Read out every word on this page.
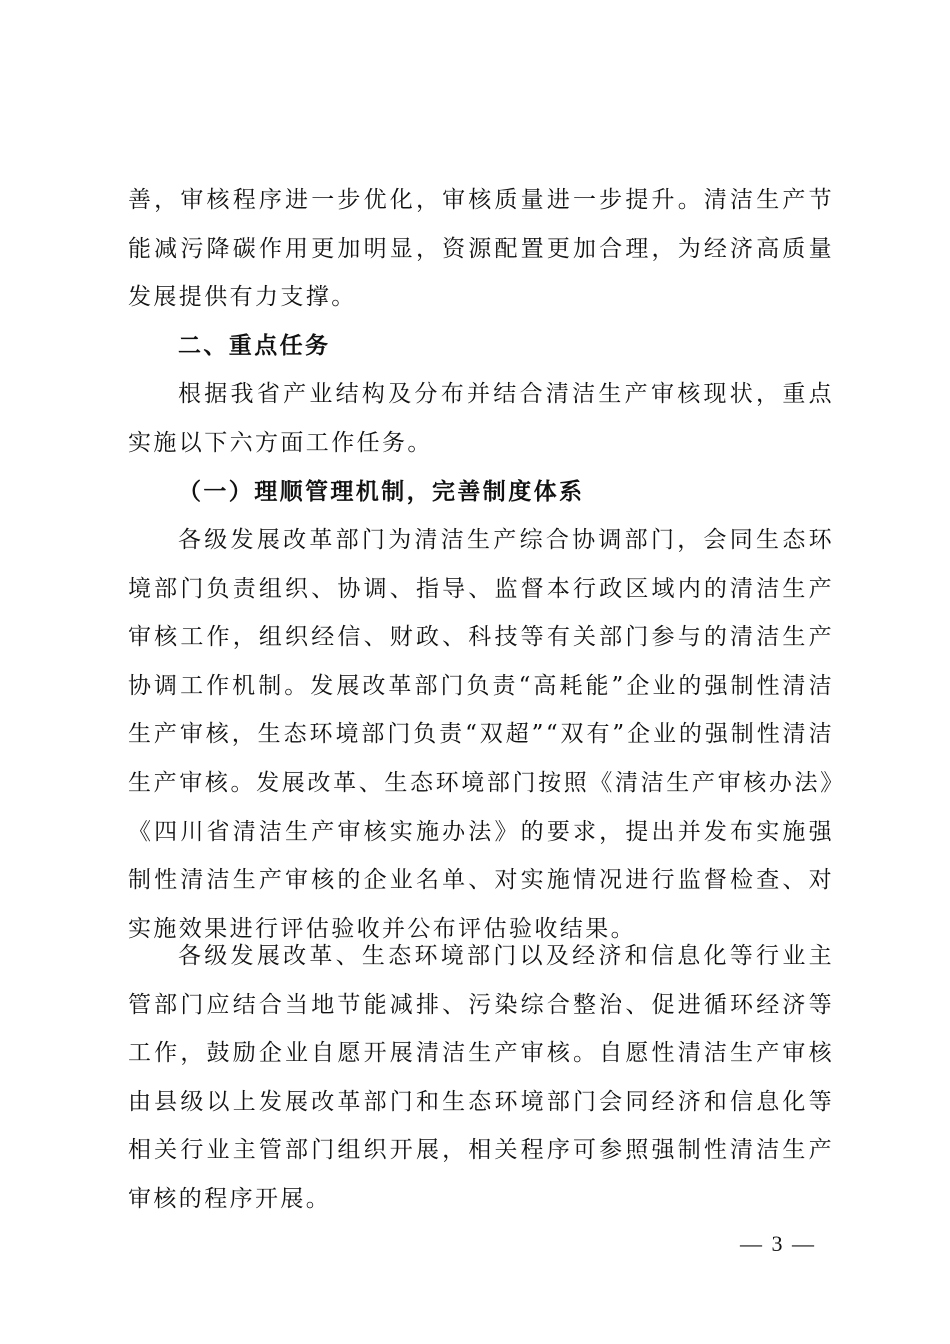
善，审核程序进一步优化，审核质量进一步提升。清洁生产节能减污降碳作用更加明显，资源配置更加合理，为经济高质量发展提供有力支撑。

二、重点任务

根据我省产业结构及分布并结合清洁生产审核现状，重点实施以下六方面工作任务。

（一）理顺管理机制，完善制度体系

各级发展改革部门为清洁生产综合协调部门，会同生态环境部门负责组织、协调、指导、监督本行政区域内的清洁生产审核工作，组织经信、财政、科技等有关部门参与的清洁生产协调工作机制。发展改革部门负责“高耗能”企业的强制性清洁生产审核，生态环境部门负责“双超”“双有”企业的强制性清洁生产审核。发展改革、生态环境部门按照《清洁生产审核办法》《四川省清洁生产审核实施办法》的要求，提出并发布实施强制性清洁生产审核的企业名单、对实施情况进行监督检查、对实施效果进行评估验收并公布评估验收结果。

各级发展改革、生态环境部门以及经济和信息化等行业主管部门应结合当地节能减排、污染综合整治、促进循环经济等工作，鼓励企业自愿开展清洁生产审核。自愿性清洁生产审核由县级以上发展改革部门和生态环境部门会同经济和信息化等相关行业主管部门组织开展，相关程序可参照强制性清洁生产审核的程序开展。

— 3 —
